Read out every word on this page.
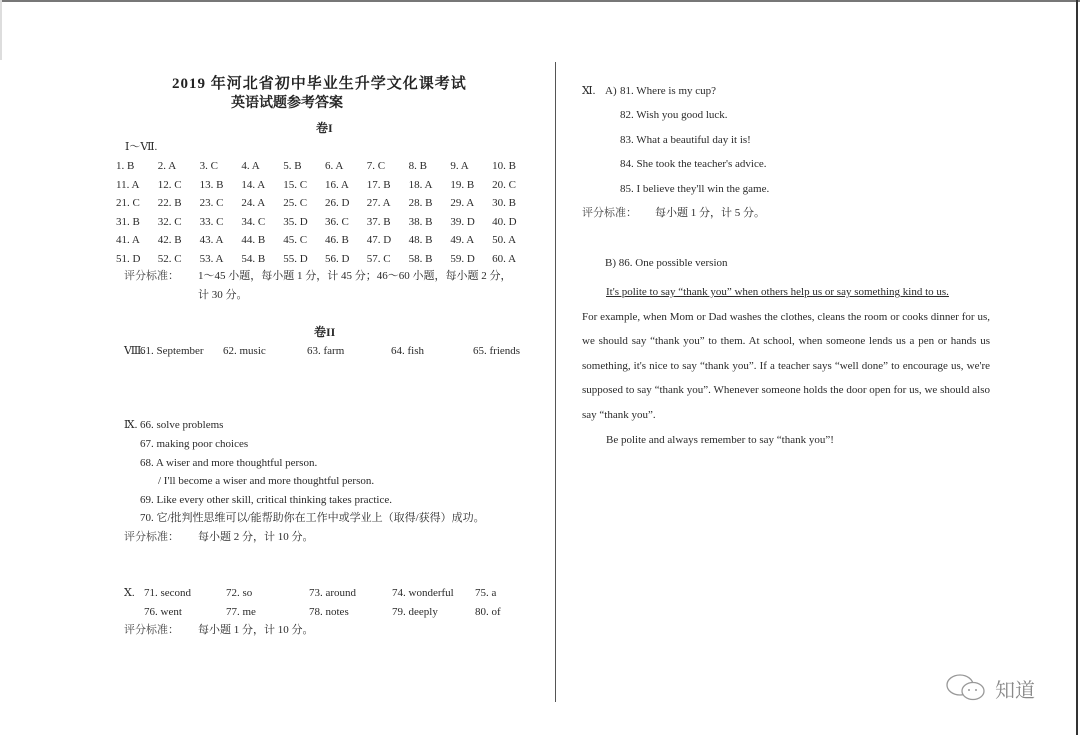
2019 年河北省初中毕业生升学文化课考试
英语试题参考答案
卷I
Ⅰ～Ⅶ.
1. B	2. A	3. C	4. A	5. B	6. A	7. C	8. B	9. A	10. B
11. A	12. C	13. B	14. A	15. C	16. A	17. B	18. A	19. B	20. C
21. C	22. B	23. C	24. A	25. C	26. D	27. A	28. B	29. A	30. B
31. B	32. C	33. C	34. C	35. D	36. C	37. B	38. B	39. D	40. D
41. A	42. B	43. A	44. B	45. C	46. B	47. D	48. B	49. A	50. A
51. D	52. C	53. A	54. B	55. D	56. D	57. C	58. B	59. D	60. A
评分标准： 1～45 小题，每小题 1 分，计 45 分；46～60 小题，每小题 2 分，
计 30 分。
卷II
Ⅷ.
61. September 62. music	63. farm	64. fish	65. friends
Ⅸ. 66. solve problems
67. making poor choices
68. A wiser and more thoughtful person.
/ I'll become a wiser and more thoughtful person.
69. Like every other skill, critical thinking takes practice.
70. 它/批判性思维可以/能帮助你在工作中或学业上（取得/获得）成功。
评分标准： 每小题 2 分，计 10 分。
Ⅹ. 71. second	72. so	73. around	74. wonderful 75. a
76. went	77. me	78. notes	79. deeply	80. of
评分标准： 每小题 1 分，计 10 分。
Ⅺ. A) 81. Where is my cup?
82. Wish you good luck.
83. What a beautiful day it is!
84. She took the teacher's advice.
85. I believe they'll win the game.
评分标准： 每小题 1 分，计 5 分。
B) 86. One possible version
It's polite to say “thank you” when others help us or say something kind to us.
For example, when Mom or Dad washes the clothes, cleans the room or cooks dinner for us, we should say “thank you” to them. At school, when someone lends us a pen or hands us something, it's nice to say “thank you”. If a teacher says “well done” to encourage us, we're supposed to say “thank you”. Whenever someone holds the door open for us, we should also say “thank you”.
Be polite and always remember to say “thank you”!
知道
